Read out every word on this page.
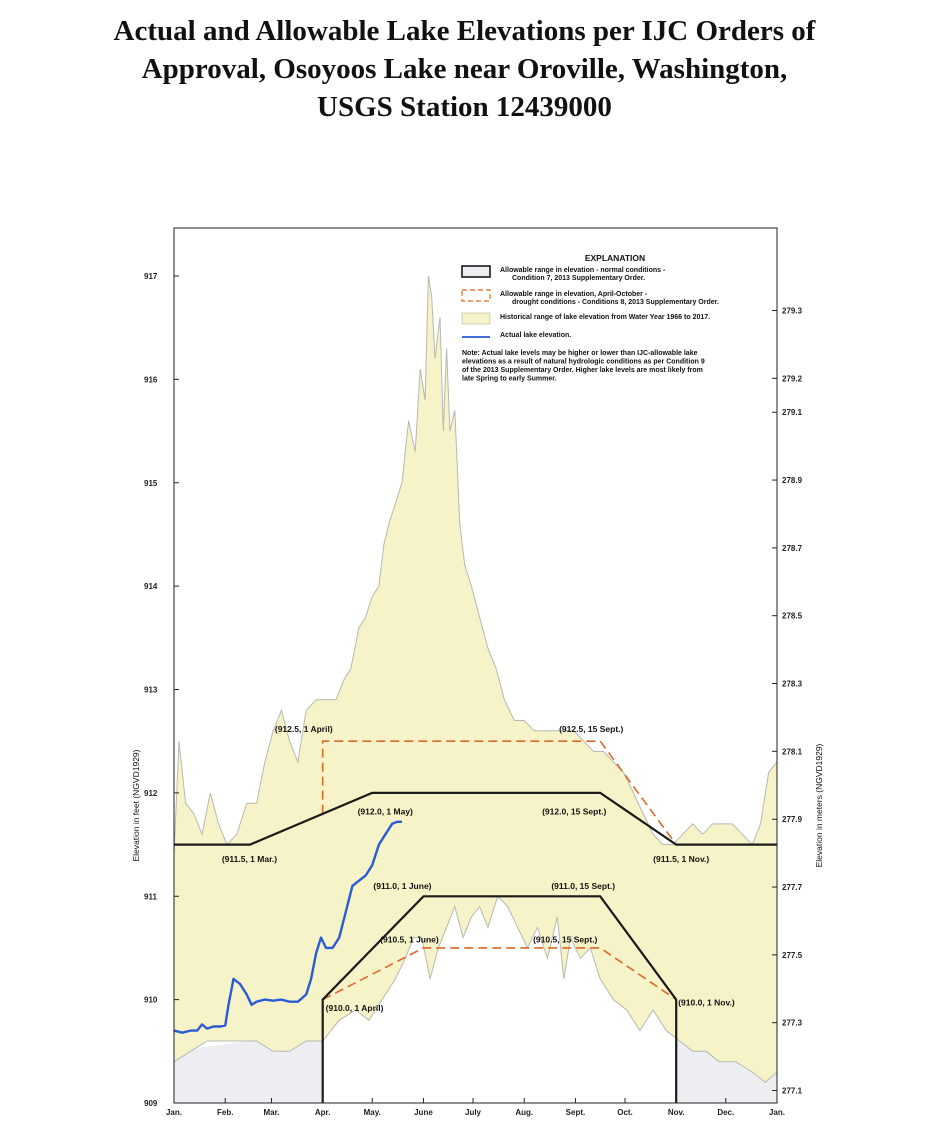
Actual and Allowable Lake Elevations per IJC Orders of
Approval, Osoyoos Lake near Oroville, Washington,
USGS Station 12439000
909
910
911
912
913
914
915
916
917
277.1
277.3
277.5
277.7
277.9
278.1
278.3
278.5
278.7
278.9
279.1
279.2
279.3
Jan.	Feb.	Mar.	Apr.	May.	June	July	Aug.	Sept.	Oct.	Nov.	Dec.	Jan.
Elevation in feet (NGVD1929)	Elevation in meters (NGVD1929)
(912.5, 1 April)	(912.5, 15 Sept.)
(912.0, 1 May)	(912.0, 15 Sept.)
(911.5, 1 Mar.)	(911.5, 1 Nov.)
(911.0, 1 June)	(911.0, 15 Sept.)
(910.5, 1 June)	(910.5, 15 Sept.)
(910.0, 1 April)
(910.0, 1 Nov.)
EXPLANATION
Allowable range in elevation - normal conditions -
Condition 7, 2013 Supplementary Order.
Allowable range in elevation, April-October -
drought conditions - Conditions 8, 2013 Supplementary Order.
Historical range of lake elevation from Water Year 1966 to 2017.
Actual lake elevation.
Note: Actual lake levels may be higher or lower than IJC-allowable lake
elevations as a result of natural hydrologic conditions as per Condition 9
of the 2013 Supplementary Order. Higher lake levels are most likely from
late Spring to early Summer.
